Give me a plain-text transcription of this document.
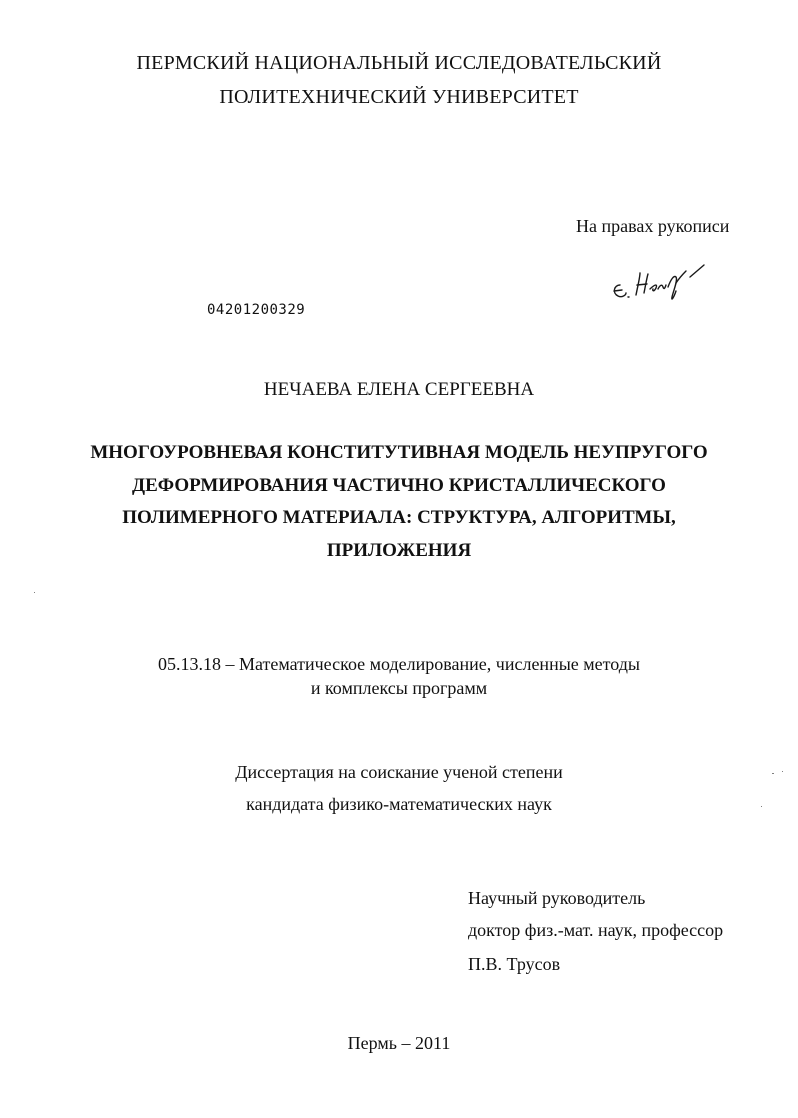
ПЕРМСКИЙ НАЦИОНАЛЬНЫЙ ИССЛЕДОВАТЕЛЬСКИЙ
ПОЛИТЕХНИЧЕСКИЙ УНИВЕРСИТЕТ
На правах рукописи
04201200329
НЕЧАЕВА ЕЛЕНА СЕРГЕЕВНА
МНОГОУРОВНЕВАЯ КОНСТИТУТИВНАЯ МОДЕЛЬ НЕУПРУГОГО
ДЕФОРМИРОВАНИЯ ЧАСТИЧНО КРИСТАЛЛИЧЕСКОГО
ПОЛИМЕРНОГО МАТЕРИАЛА: СТРУКТУРА, АЛГОРИТМЫ,
ПРИЛОЖЕНИЯ
05.13.18 – Математическое моделирование, численные методы
и комплексы программ
Диссертация на соискание ученой степени
кандидата физико-математических наук
Научный руководитель
доктор физ.-мат. наук, профессор
П.В. Трусов
Пермь – 2011
